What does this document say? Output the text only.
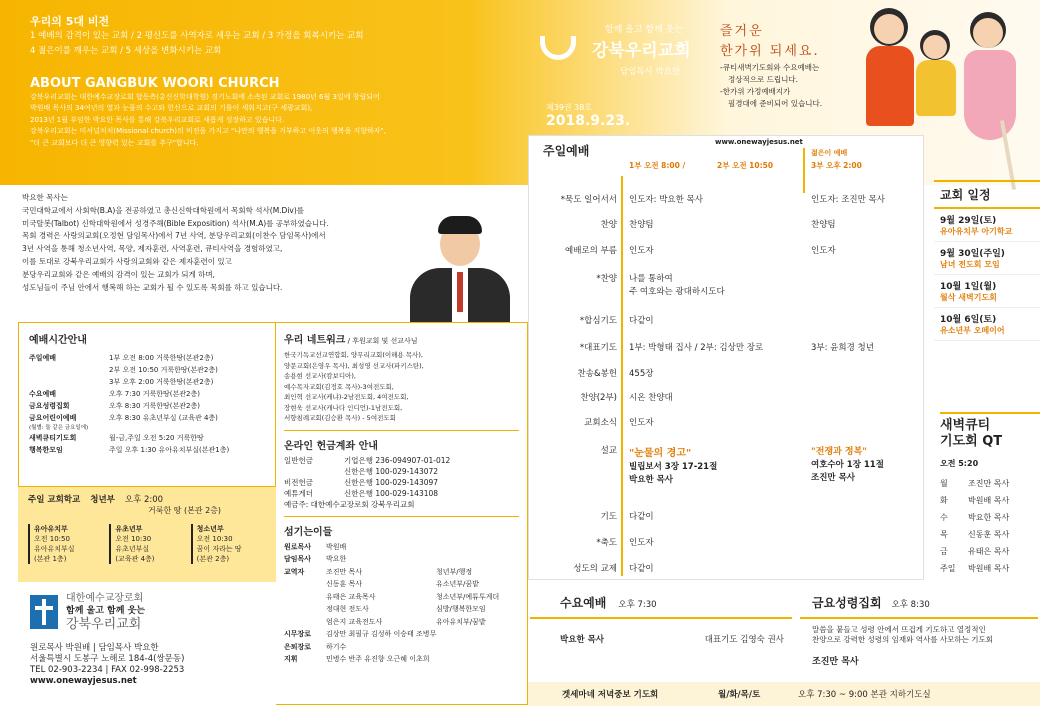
우리의 5대 비전
1 예배의 감격이 있는 교회 / 2 평신도를 사역자로 세우는 교회 / 3 가정을 회복시키는 교회
4 젊은이를 깨우는 교회 / 5 세상을 변화시키는 교회
ABOUT GANGBUK WOORI CHURCH
강북우리교회는 대한예수교장로회 합동측(총신신학대학원) 경기노회에 소속된 교회로 1980년 6월 3일에 창립되어
박원배 목사의 34여년의 열과 눈물의 수고와 헌신으로 교회의 기틀이 세워지고(구 세광교회),
2013년 1월 부임한 박요한 목사를 통해 강북우리교회로 새롭게 성장하고 있습니다.
강북우리교회는 미셔널처치(Missional church)의 비전을 가지고 "나만의 행복을 거부하고 이웃의 행복을 지향하자",
"더 큰 교회보다 더 큰 영향력 있는 교회를 추구"합니다.
함께 울고 함께 웃는
강북우리교회
담임목사 박요한
제39권 38호
2018.9.23.
즐거운
한가위 되세요.
-큐티새벽기도회와 수요예배는
정상적으로 드립니다.
-한가위 가정예배지가
필경대에 준비되어 있습니다.
박요한 목사는
국민대학교에서 사회학(B.A)을 전공하였고 총신신학대학원에서 목회학 석사(M.Div)를
미국탈봇(Talbot) 신학대학원에서 성경주해(Bible Exposition) 석사(M.A)를 공부하였습니다.
목회 경력은 사랑의교회(오정현 담임목사)에서 7년 사역, 분당우리교회(이찬수 담임목사)에서
3년 사역을 통해 청소년사역, 목양, 제자훈련, 사역훈련, 큐티사역을 경험하였고,
이를 토대로 강북우리교회가 사랑의교회와 같은 제자훈련이 있고
분당우리교회와 같은 예배의 감격이 있는 교회가 되게 하며,
성도님들이 주님 안에서 행복해 하는 교회가 될 수 있도록 목회를 하고 있습니다.
예배시간안내
주일예배	1부 오전 8:00 거룩한땅(본관2층)
2부 오전 10:50 거룩한땅(본관2층)
3부 오후 2:00 거룩한땅(본관2층)
수요예배	오후 7:30 거룩한땅(본관2층)
금요성령집회	오후 8:30 거룩한땅(본관2층)
금요어린이예배	오후 8:30 유초년부실 (교육관 4층)
(월별: 둘 같은 금요일에)
새벽큐티기도회	월-금,주일 오전 5:20 거룩한땅
행복한모임	주일 오후 1:30 유아유치부실(본관1층)
주일 교회학교 청년부 오후 2:00
거룩한 땅 (본관 2층)
유아유치부
오전 10:50
유아유치부실
(본관 1층)
유초년부
오전 10:30
유초년부실
(교육관 4층)
청소년부
오전 10:30
꿈이 자라는 땅
(본관 2층)
대한예수교장로회
함께 울고 함께 웃는
강북우리교회
원로목사 박원배 | 담임목사 박요한
서울특별시 도봉구 노해로 184-4(쌍문동)
TEL 02-903-2234 | FAX 02-998-2253
www.onewayjesus.net
우리 네트워크 / 후원교회 및 선교사님
한국기독교선교연합회, 양무리교회(이해용 목사),
양문교회(은영우 목사), 최성영 선교사(파키스탄),
송용현 선교사(캄보디아),
예수목자교회(김정호 목사)-3여전도회,
최인혁 선교사(케냐)-2남전도회, 4여전도회,
장현욱 선교사(캐나다 인디언)-1남전도회,
서향침례교회(김승환 목사) - 5여전도회
온라인 헌금계좌 안내
일반헌금	기업은행 236-094907-01-012
신한은행 100-029-143072
비전헌금	신한은행 100-029-143097
예튜게더	신한은행 100-029-143108
예금주: 대한예수교장로회 강북우리교회
섬기는이들
원로목사	박원배
담임목사	박요한
교역자	조진만 목사	청년부/행정
신동훈 목사	유소년부/꿈밭
유태은 교육목사	청소년부/예튜투게더
정대현 전도사	심방/행복한모임
엄은지 교육전도사	유아유치부/꿈밭
시무장로	김상만 최필규 김성하 이승태 조병무
은퇴장로	하기수
지휘	민병수 반주 유진향 오근혜 이초희
주일예배
www.onewayjesus.net
1부 오전 8:00 /	2부 오전 10:50
젊은이 예배
3부 오후 2:00
*묵도 일어서서 인도자: 박요한 목사	인도자: 조진만 목사
찬양 찬양팀	찬양팀
예배로의 부름 인도자	인도자
*찬양 나를 통하여
주 여호와는 광대하시도다
*합심기도 다같이
*대표기도 1부: 박형태 집사 / 2부: 김상만 장로	3부: 윤희경 청년
찬송&봉헌 455장
찬양(2부) 시온 찬양대
교회소식 인도자
설교 "눈물의 경고"
빌립보서 3장 17-21절
박요한 목사
"전쟁과 정복"
여호수아 1장 11절
조진만 목사
기도 다같이
*축도 인도자
성도의 교제 다같이
교회 일정
9월 29일(토)
유아유치부 아기학교
9월 30일(주일)
남녀 전도회 모임
10월 1일(월)
월삭 새벽기도회
10월 6일(토)
유소년부 오떼이어
새벽큐티
기도회 QT
오전 5:20
월	조진만 목사
화	박원배 목사
수	박요한 목사
목	신동훈 목사
금	유태은 목사
주일	박원배 목사
수요예배 오후 7:30
박요한 목사	대표기도 김영숙 권사
금요성령집회 오후 8:30
말씀을 붙들고 성령 안에서 뜨겁게 기도하고 열정적인
찬양으로 강력한 성령의 임재와 역사를 사모하는 기도회
조진만 목사
겟세마네 저녁중보 기도회	월/화/목/토	오후 7:30 ~ 9:00 본관 지하기도실
